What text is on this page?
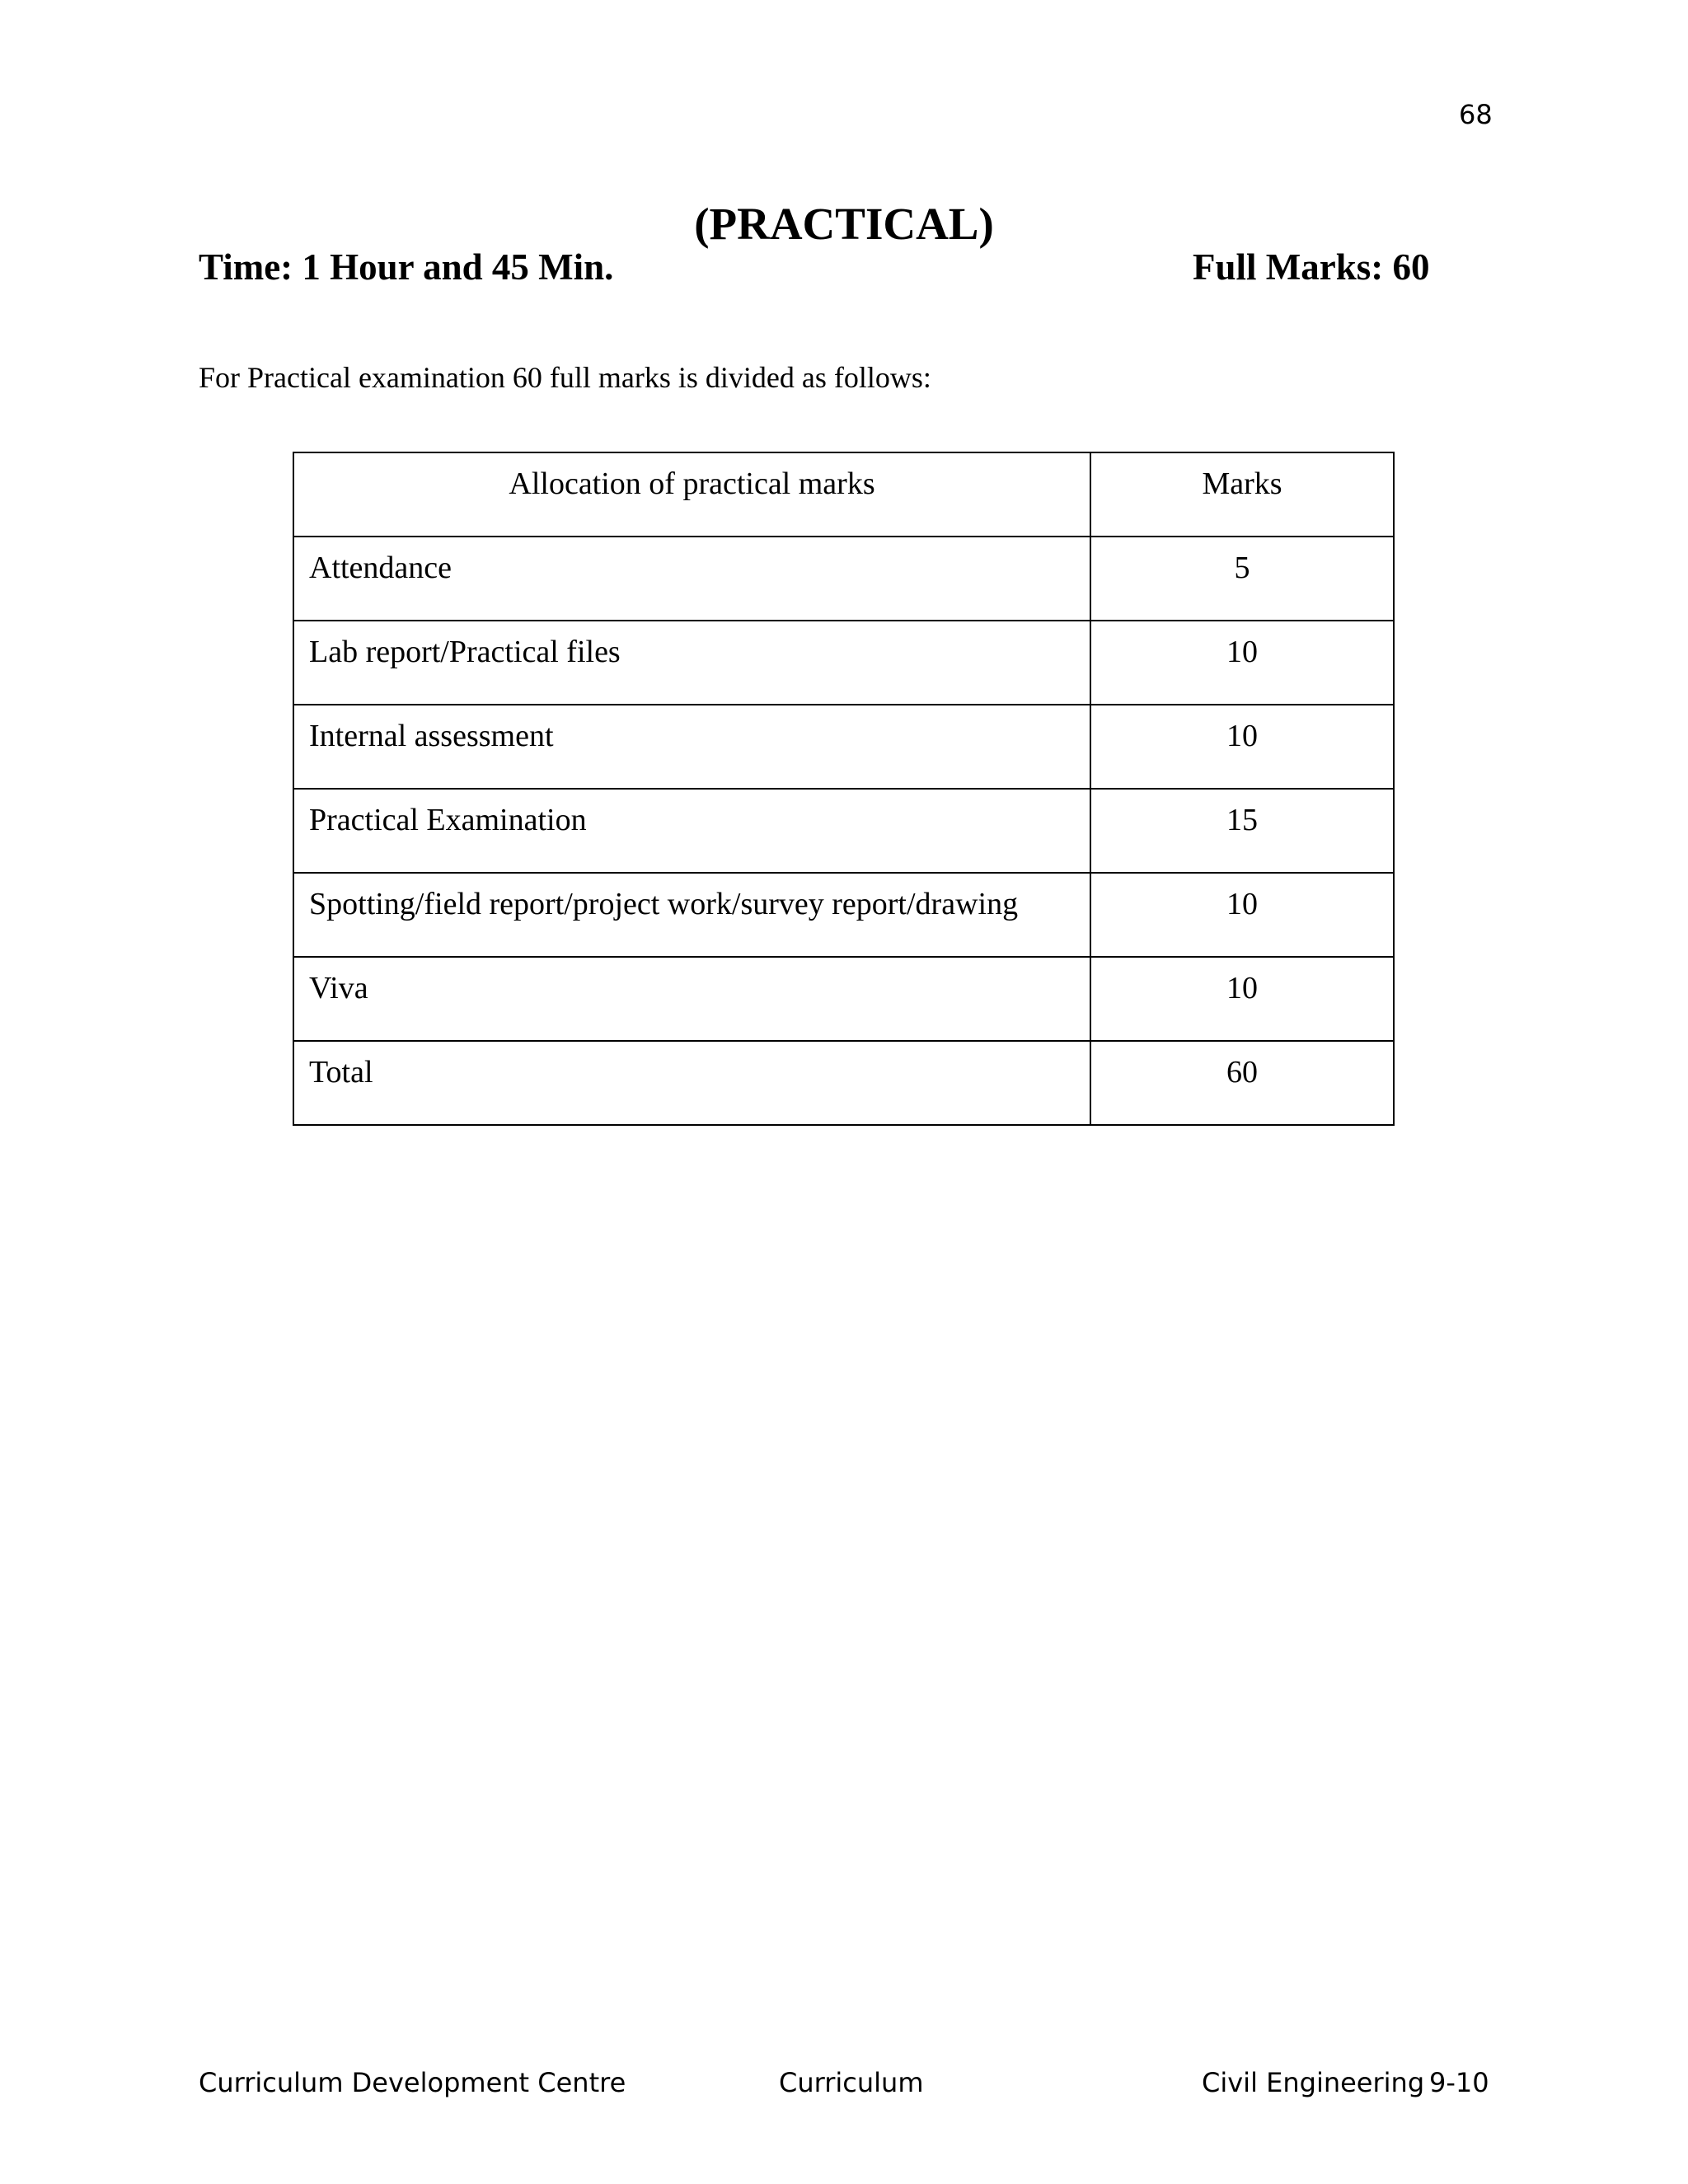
68
(PRACTICAL)
Time: 1 Hour and 45 Min.	Full Marks: 60
For Practical examination 60 full marks is divided as follows:
Allocation of practical marks	Marks

Attendance	5

Lab report/Practical files	10

Internal assessment	10

Practical Examination	15

Spotting/field report/project work/survey report/drawing	10

Viva	10

Total	60
Curriculum Development Centre	Curriculum	Civil Engineering 9-10
